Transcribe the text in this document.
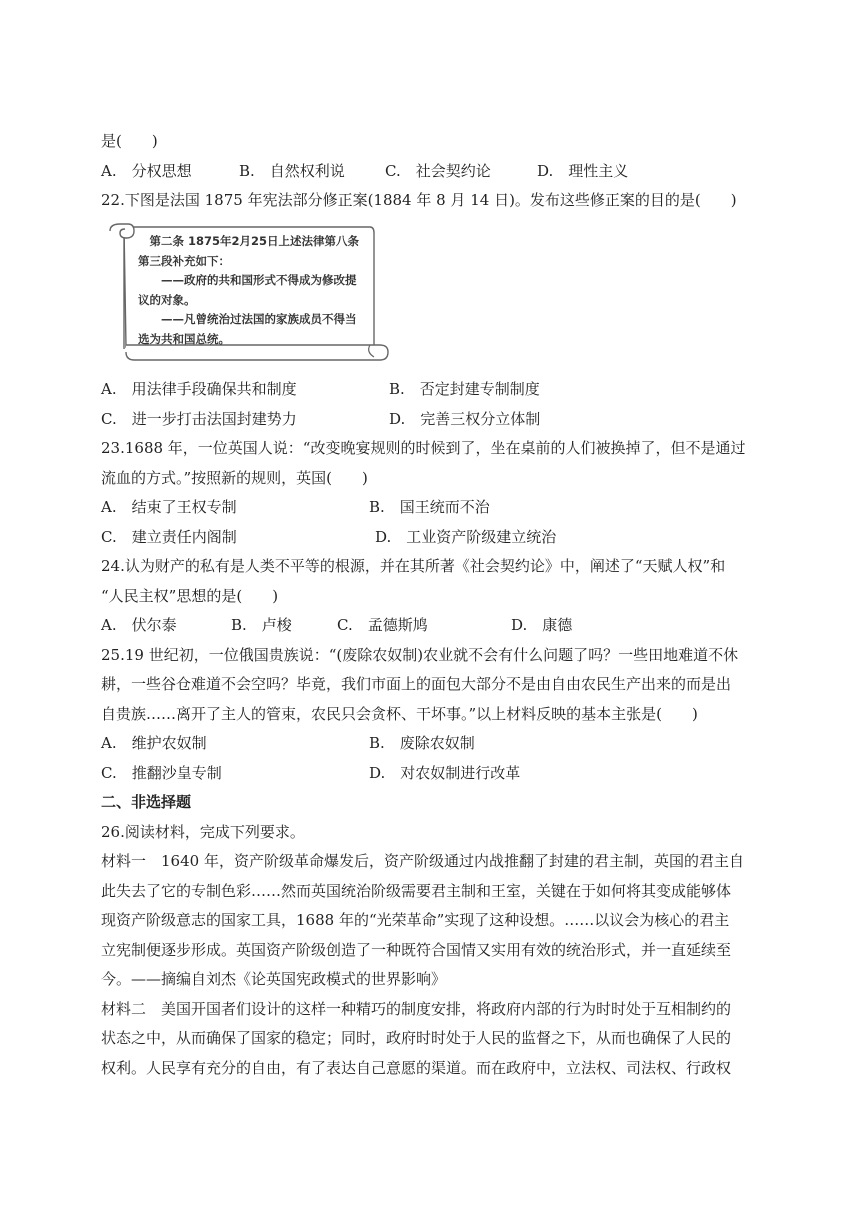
是(　　)
A.　分权思想	B.　自然权利说	C.　社会契约论	D.　理性主义
22.下图是法国 1875 年宪法部分修正案(1884 年 8 月 14 日)。发布这些修正案的目的是(　　)
　第二条 1875年2月25日上述法律第八条
第三段补充如下：
　　——政府的共和国形式不得成为修改提
议的对象。
　　——凡曾统治过法国的家族成员不得当
选为共和国总统。
A.　用法律手段确保共和制度	B.　否定封建专制制度
C.　进一步打击法国封建势力	D.　完善三权分立体制
23.1688 年，一位英国人说：“改变晚宴规则的时候到了，坐在桌前的人们被换掉了，但不是通过
流血的方式。”按照新的规则，英国(　　)
A.　结束了王权专制	B.　国王统而不治
C.　建立责任内阁制	D.　工业资产阶级建立统治
24.认为财产的私有是人类不平等的根源，并在其所著《社会契约论》中，阐述了“天赋人权”和
“人民主权”思想的是(　　)
A.　伏尔泰	B.　卢梭	C.　孟德斯鸠	D.　康德
25.19 世纪初，一位俄国贵族说：“(废除农奴制)农业就不会有什么问题了吗？一些田地难道不休
耕，一些谷仓难道不会空吗？毕竟，我们市面上的面包大部分不是由自由农民生产出来的而是出
自贵族……离开了主人的管束，农民只会贪杯、干坏事。”以上材料反映的基本主张是(　　)
A.　维护农奴制	B.　废除农奴制
C.　推翻沙皇专制	D.　对农奴制进行改革
二、非选择题
26.阅读材料，完成下列要求。
材料一　1640 年，资产阶级革命爆发后，资产阶级通过内战推翻了封建的君主制，英国的君主自
此失去了它的专制色彩……然而英国统治阶级需要君主制和王室，关键在于如何将其变成能够体
现资产阶级意志的国家工具，1688 年的“光荣革命”实现了这种设想。……以议会为核心的君主
立宪制便逐步形成。英国资产阶级创造了一种既符合国情又实用有效的统治形式，并一直延续至
今。——摘编自刘杰《论英国宪政模式的世界影响》
材料二　美国开国者们设计的这样一种精巧的制度安排，将政府内部的行为时时处于互相制约的
状态之中，从而确保了国家的稳定；同时，政府时时处于人民的监督之下，从而也确保了人民的
权利。人民享有充分的自由，有了表达自己意愿的渠道。而在政府中，立法权、司法权、行政权
